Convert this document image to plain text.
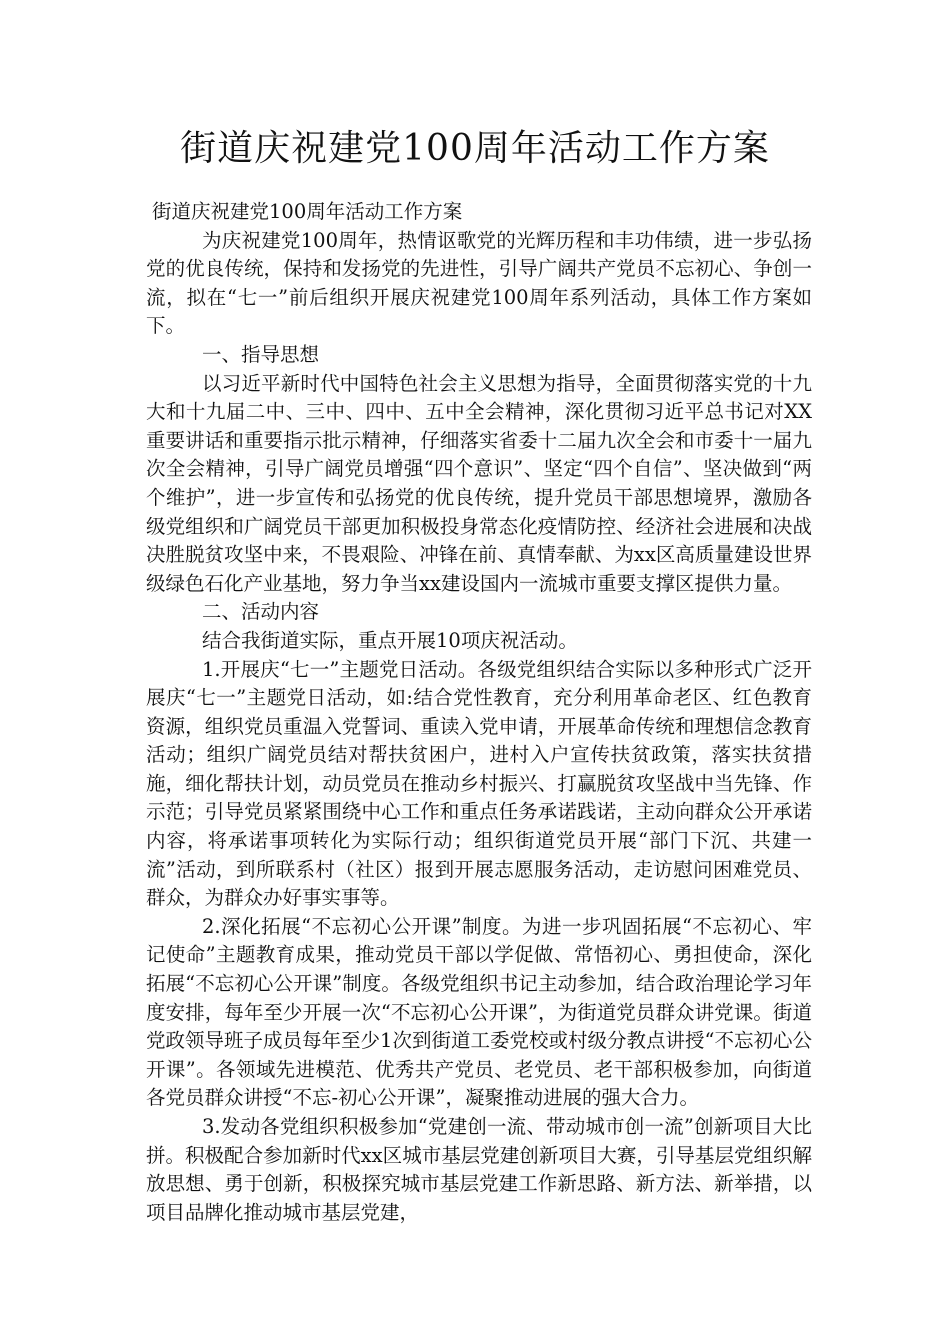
街道庆祝建党100周年活动工作方案

街道庆祝建党100周年活动工作方案

为庆祝建党100周年，热情讴歌党的光辉历程和丰功伟绩，进一步弘扬党的优良传统，保持和发扬党的先进性，引导广阔共产党员不忘初心、争创一流，拟在“七一”前后组织开展庆祝建党100周年系列活动，具体工作方案如下。

一、指导思想

以习近平新时代中国特色社会主义思想为指导，全面贯彻落实党的十九大和十九届二中、三中、四中、五中全会精神，深化贯彻习近平总书记对XX重要讲话和重要指示批示精神，仔细落实省委十二届九次全会和市委十一届九次全会精神，引导广阔党员增强“四个意识”、坚定“四个自信”、坚决做到“两个维护”，进一步宣传和弘扬党的优良传统，提升党员干部思想境界，激励各级党组织和广阔党员干部更加积极投身常态化疫情防控、经济社会进展和决战决胜脱贫攻坚中来，不畏艰险、冲锋在前、真情奉献、为xx区高质量建设世界级绿色石化产业基地，努力争当xx建设国内一流城市重要支撑区提供力量。

二、活动内容

结合我街道实际，重点开展10项庆祝活动。

1.开展庆“七一”主题党日活动。各级党组织结合实际以多种形式广泛开展庆“七一”主题党日活动，如:结合党性教育，充分利用革命老区、红色教育资源，组织党员重温入党誓词、重读入党申请，开展革命传统和理想信念教育活动；组织广阔党员结对帮扶贫困户，进村入户宣传扶贫政策，落实扶贫措施，细化帮扶计划，动员党员在推动乡村振兴、打赢脱贫攻坚战中当先锋、作示范；引导党员紧紧围绕中心工作和重点任务承诺践诺，主动向群众公开承诺内容，将承诺事项转化为实际行动；组织街道党员开展“部门下沉、共建一流”活动，到所联系村（社区）报到开展志愿服务活动，走访慰问困难党员、群众，为群众办好事实事等。

2.深化拓展“不忘初心公开课”制度。为进一步巩固拓展“不忘初心、牢记使命”主题教育成果，推动党员干部以学促做、常悟初心、勇担使命，深化拓展“不忘初心公开课”制度。各级党组织书记主动参加，结合政治理论学习年度安排，每年至少开展一次“不忘初心公开课”，为街道党员群众讲党课。街道党政领导班子成员每年至少1次到街道工委党校或村级分教点讲授“不忘初心公开课”。各领域先进模范、优秀共产党员、老党员、老干部积极参加，向街道各党员群众讲授“不忘-初心公开课”，凝聚推动进展的强大合力。

3.发动各党组织积极参加“党建创一流、带动城市创一流”创新项目大比拼。积极配合参加新时代xx区城市基层党建创新项目大赛，引导基层党组织解放思想、勇于创新，积极探究城市基层党建工作新思路、新方法、新举措，以项目品牌化推动城市基层党建，
